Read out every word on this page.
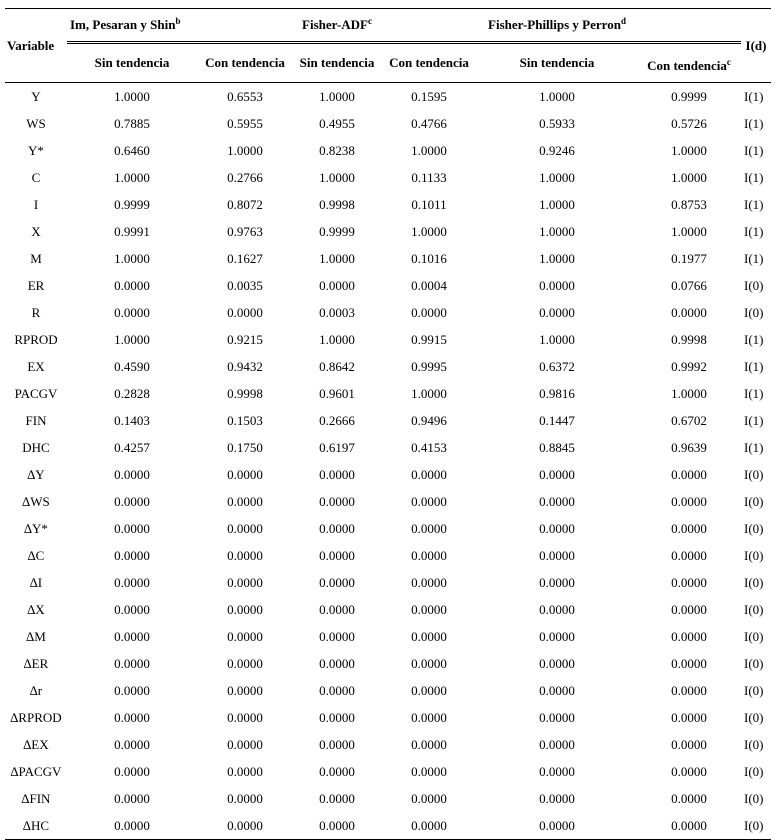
Variable	Im, Pesaran y Shin$^b$		Fisher-ADF$^c$		Fisher-Phillips y Perron$^d$		I(d)
	Sin tendencia	Con tendencia	Sin tendencia	Con tendencia	Sin tendencia	Con tendencia$^c$
Y	1.0000	0.6553	1.0000	0.1595	1.0000	0.9999	I(1)
WS	0.7885	0.5955	0.4955	0.4766	0.5933	0.5726	I(1)
Y*	0.6460	1.0000	0.8238	1.0000	0.9246	1.0000	I(1)
C	1.0000	0.2766	1.0000	0.1133	1.0000	1.0000	I(1)
I	0.9999	0.8072	0.9998	0.1011	1.0000	0.8753	I(1)
X	0.9991	0.9763	0.9999	1.0000	1.0000	1.0000	I(1)
M	1.0000	0.1627	1.0000	0.1016	1.0000	0.1977	I(1)
ER	0.0000	0.0035	0.0000	0.0004	0.0000	0.0766	I(0)
R	0.0000	0.0000	0.0003	0.0000	0.0000	0.0000	I(0)
RPROD	1.0000	0.9215	1.0000	0.9915	1.0000	0.9998	I(1)
EX	0.4590	0.9432	0.8642	0.9995	0.6372	0.9992	I(1)
PACGV	0.2828	0.9998	0.9601	1.0000	0.9816	1.0000	I(1)
FIN	0.1403	0.1503	0.2666	0.9496	0.1447	0.6702	I(1)
DHC	0.4257	0.1750	0.6197	0.4153	0.8845	0.9639	I(1)
∆Y	0.0000	0.0000	0.0000	0.0000	0.0000	0.0000	I(0)
∆WS	0.0000	0.0000	0.0000	0.0000	0.0000	0.0000	I(0)
∆Y*	0.0000	0.0000	0.0000	0.0000	0.0000	0.0000	I(0)
∆C	0.0000	0.0000	0.0000	0.0000	0.0000	0.0000	I(0)
∆I	0.0000	0.0000	0.0000	0.0000	0.0000	0.0000	I(0)
∆X	0.0000	0.0000	0.0000	0.0000	0.0000	0.0000	I(0)
∆M	0.0000	0.0000	0.0000	0.0000	0.0000	0.0000	I(0)
∆ER	0.0000	0.0000	0.0000	0.0000	0.0000	0.0000	I(0)
∆r	0.0000	0.0000	0.0000	0.0000	0.0000	0.0000	I(0)
∆RPROD	0.0000	0.0000	0.0000	0.0000	0.0000	0.0000	I(0)
∆EX	0.0000	0.0000	0.0000	0.0000	0.0000	0.0000	I(0)
∆PACGV	0.0000	0.0000	0.0000	0.0000	0.0000	0.0000	I(0)
∆FIN	0.0000	0.0000	0.0000	0.0000	0.0000	0.0000	I(0)
∆HC	0.0000	0.0000	0.0000	0.0000	0.0000	0.0000	I(0)
